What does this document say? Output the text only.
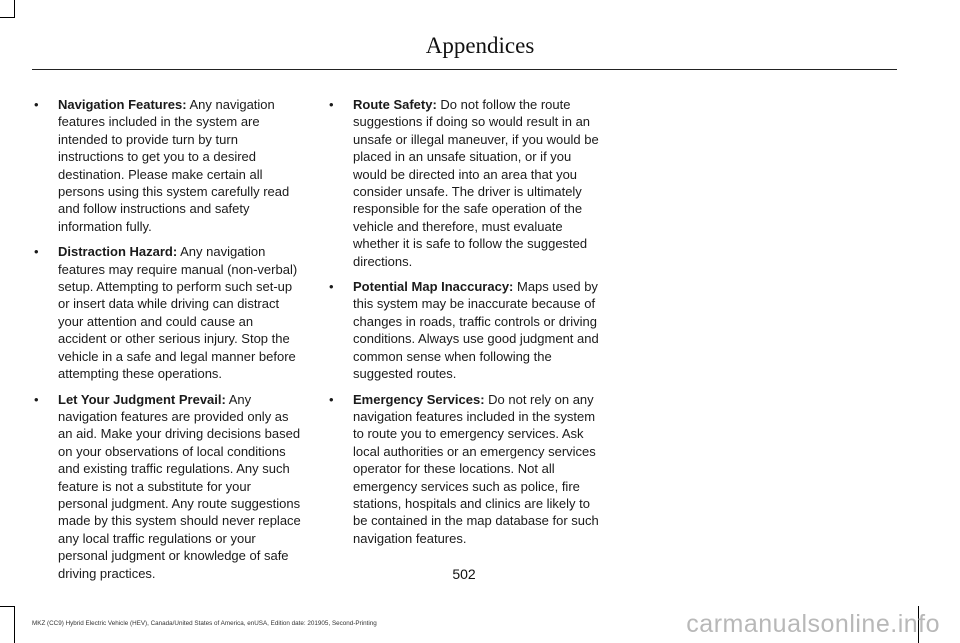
Appendices
• Navigation Features: Any navigation features included in the system are intended to provide turn by turn instructions to get you to a desired destination. Please make certain all persons using this system carefully read and follow instructions and safety information fully.
• Distraction Hazard: Any navigation features may require manual (non-verbal) setup. Attempting to perform such set-up or insert data while driving can distract your attention and could cause an accident or other serious injury. Stop the vehicle in a safe and legal manner before attempting these operations.
• Let Your Judgment Prevail: Any navigation features are provided only as an aid. Make your driving decisions based on your observations of local conditions and existing traffic regulations. Any such feature is not a substitute for your personal judgment. Any route suggestions made by this system should never replace any local traffic regulations or your personal judgment or knowledge of safe driving practices.
• Route Safety: Do not follow the route suggestions if doing so would result in an unsafe or illegal maneuver, if you would be placed in an unsafe situation, or if you would be directed into an area that you consider unsafe. The driver is ultimately responsible for the safe operation of the vehicle and therefore, must evaluate whether it is safe to follow the suggested directions.
• Potential Map Inaccuracy: Maps used by this system may be inaccurate because of changes in roads, traffic controls or driving conditions. Always use good judgment and common sense when following the suggested routes.
• Emergency Services: Do not rely on any navigation features included in the system to route you to emergency services. Ask local authorities or an emergency services operator for these locations. Not all emergency services such as police, fire stations, hospitals and clinics are likely to be contained in the map database for such navigation features.
502
MKZ (CC9) Hybrid Electric Vehicle (HEV), Canada/United States of America, enUSA, Edition date: 201905, Second-Printing	carmanualsonline.info
